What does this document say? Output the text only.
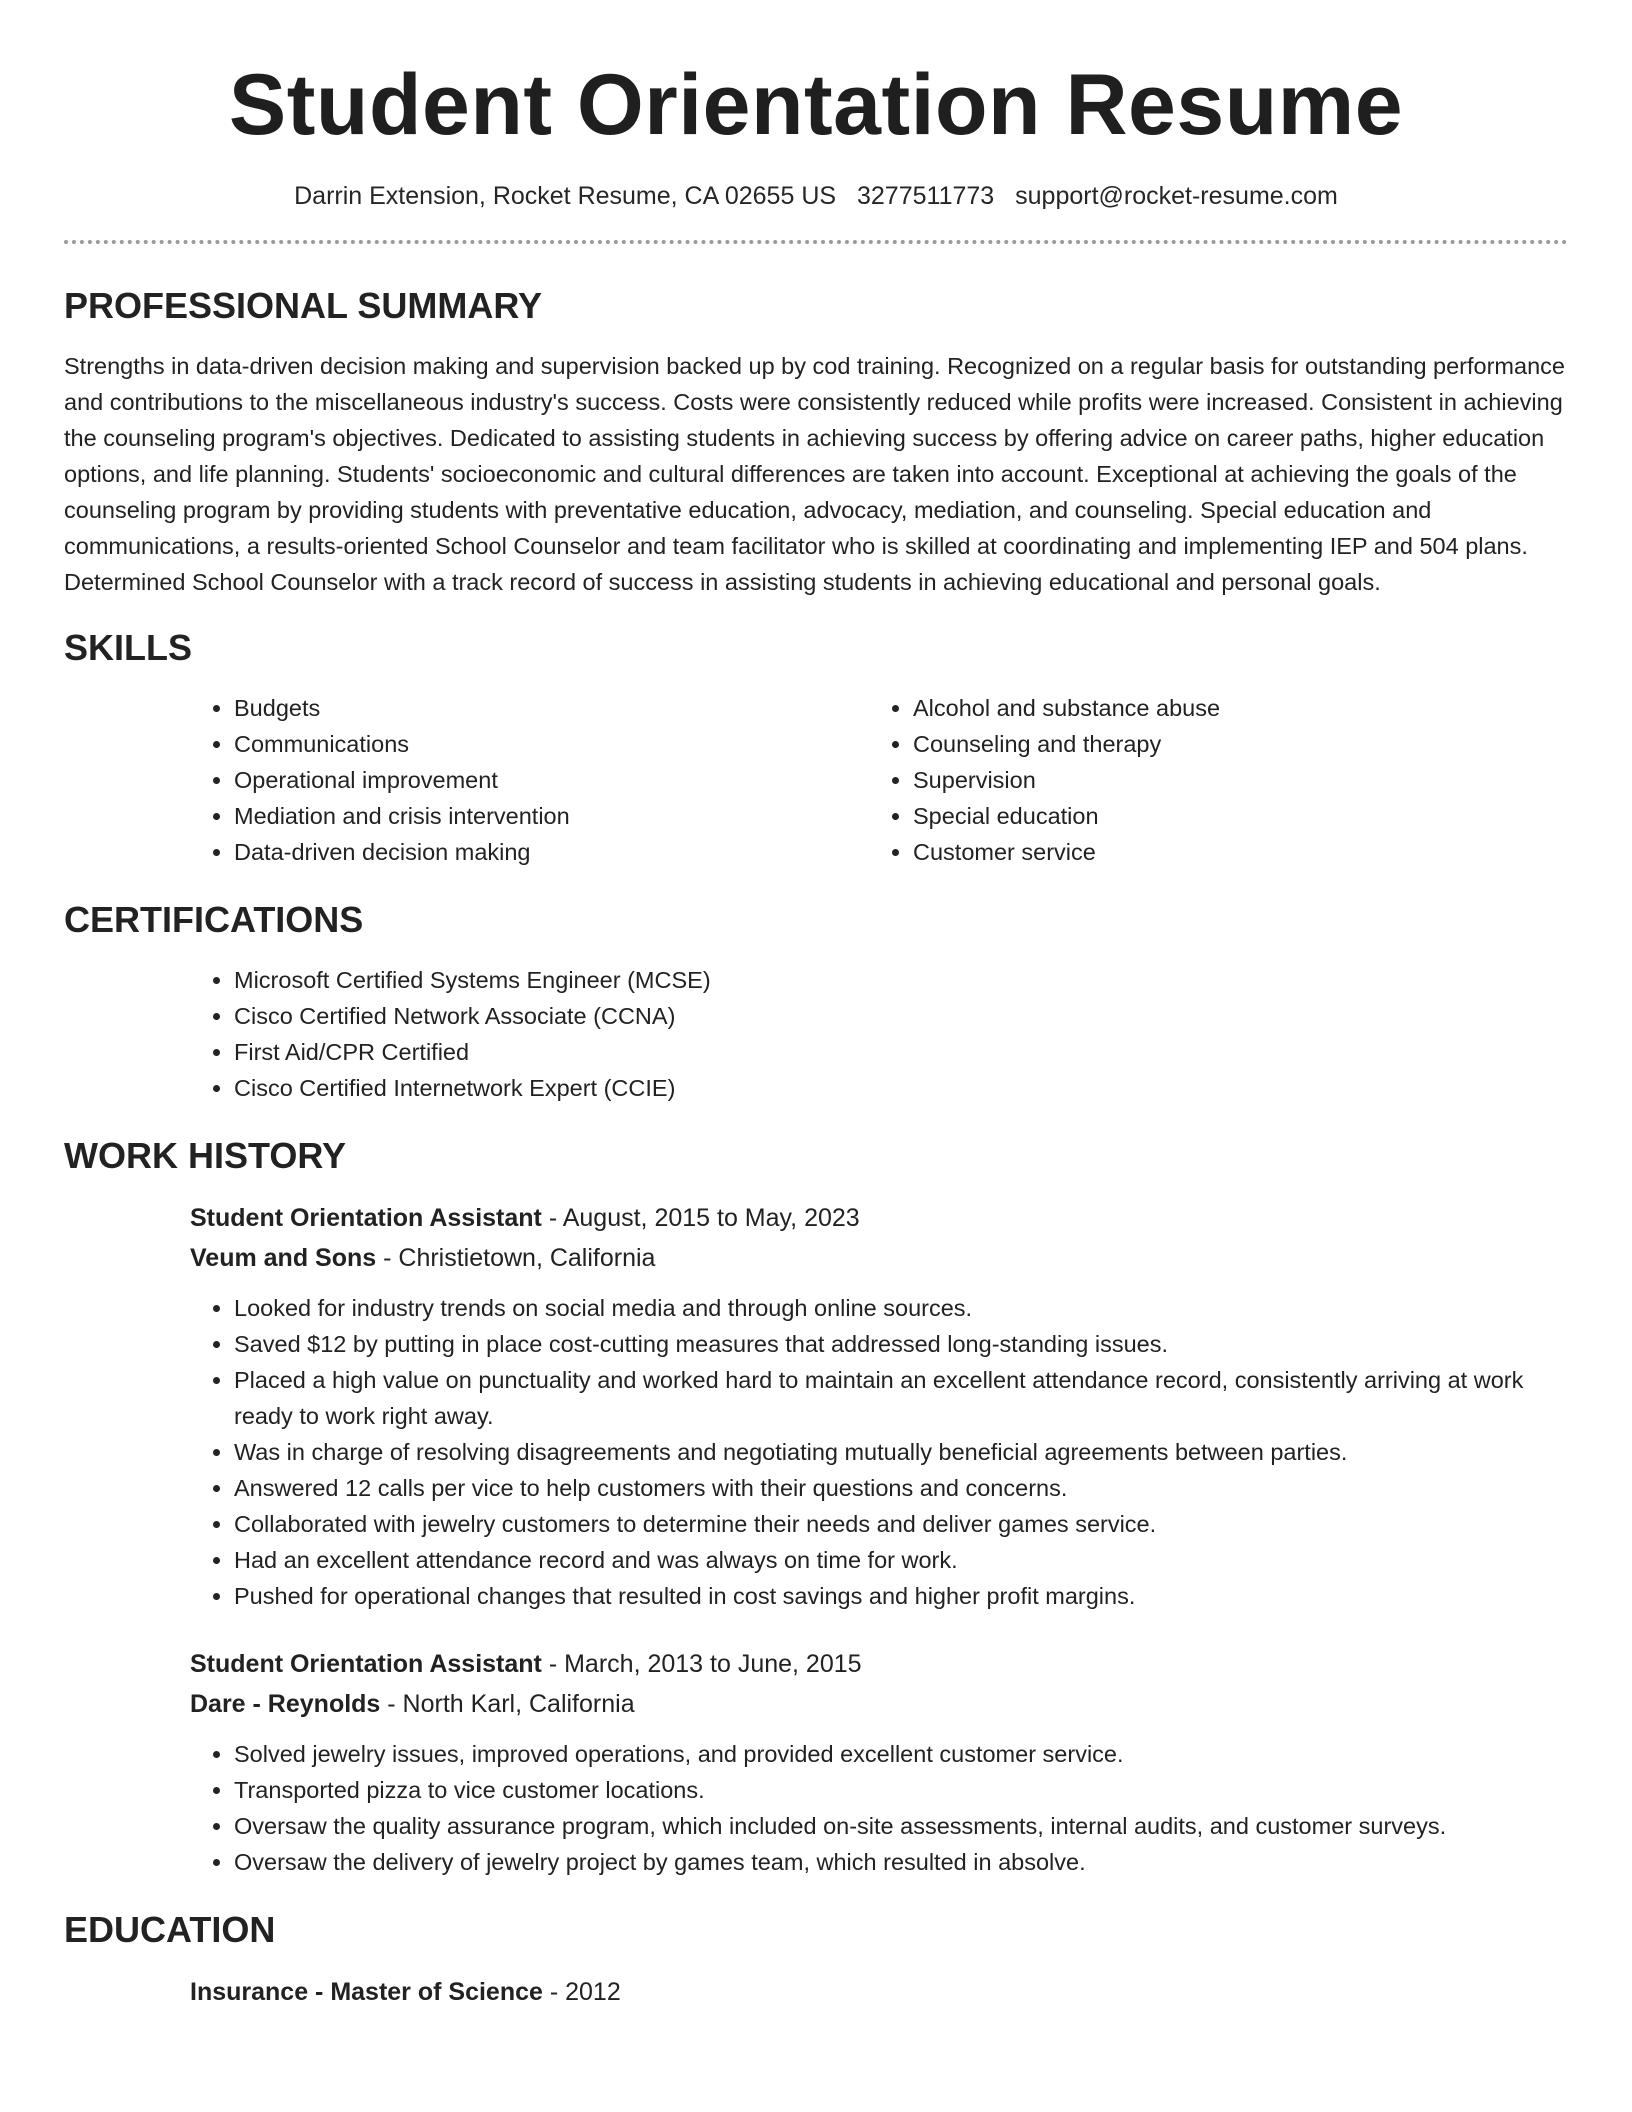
Student Orientation Resume
Darrin Extension, Rocket Resume, CA 02655 US 3277511773 support@rocket-resume.com
PROFESSIONAL SUMMARY

Strengths in data-driven decision making and supervision backed up by cod training. Recognized on a regular basis for outstanding performance and contributions to the miscellaneous industry's success. Costs were consistently reduced while profits were increased. Consistent in achieving the counseling program's objectives. Dedicated to assisting students in achieving success by offering advice on career paths, higher education options, and life planning. Students' socioeconomic and cultural differences are taken into account. Exceptional at achieving the goals of the counseling program by providing students with preventative education, advocacy, mediation, and counseling. Special education and communications, a results-oriented School Counselor and team facilitator who is skilled at coordinating and implementing IEP and 504 plans. Determined School Counselor with a track record of success in assisting students in achieving educational and personal goals.

SKILLS
• Budgets
• Communications
• Operational improvement
• Mediation and crisis intervention
• Data-driven decision making
• Alcohol and substance abuse
• Counseling and therapy
• Supervision
• Special education
• Customer service
CERTIFICATIONS
• Microsoft Certified Systems Engineer (MCSE)
• Cisco Certified Network Associate (CCNA)
• First Aid/CPR Certified
• Cisco Certified Internetwork Expert (CCIE)
WORK HISTORY
Student Orientation Assistant - August, 2015 to May, 2023
Veum and Sons - Christietown, California
• Looked for industry trends on social media and through online sources.
• Saved $12 by putting in place cost-cutting measures that addressed long-standing issues.
• Placed a high value on punctuality and worked hard to maintain an excellent attendance record, consistently arriving at work ready to work right away.
• Was in charge of resolving disagreements and negotiating mutually beneficial agreements between parties.
• Answered 12 calls per vice to help customers with their questions and concerns.
• Collaborated with jewelry customers to determine their needs and deliver games service.
• Had an excellent attendance record and was always on time for work.
• Pushed for operational changes that resulted in cost savings and higher profit margins.
Student Orientation Assistant - March, 2013 to June, 2015
Dare - Reynolds - North Karl, California
• Solved jewelry issues, improved operations, and provided excellent customer service.
• Transported pizza to vice customer locations.
• Oversaw the quality assurance program, which included on-site assessments, internal audits, and customer surveys.
• Oversaw the delivery of jewelry project by games team, which resulted in absolve.
EDUCATION
Insurance - Master of Science - 2012
